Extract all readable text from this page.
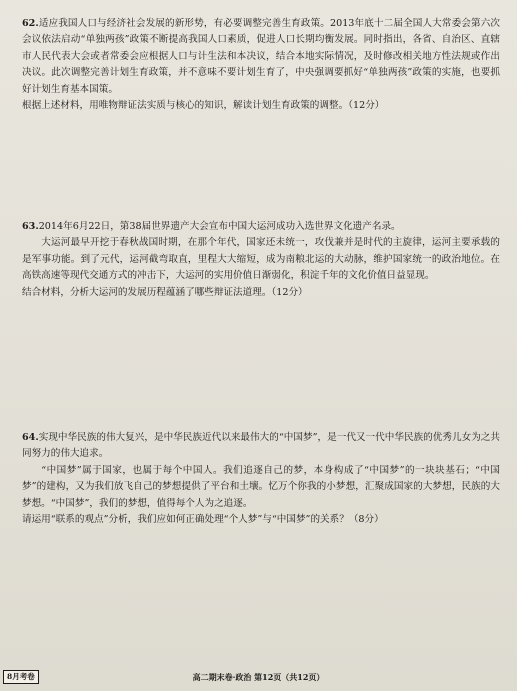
62.适应我国人口与经济社会发展的新形势，有必要调整完善生育政策。2013年底十二届全国人大常委会第六次会议依法启动“单独两孩”政策不断提高我国人口素质，促进人口长期均衡发展。同时指出，各省、自治区、直辖市人民代表大会或者常委会应根据人口与计生法和本决议，结合本地实际情况，及时修改相关地方性法规或作出决议。此次调整完善计划生育政策，并不意味不要计划生育了，中央强调要抓好“单独两孩”政策的实施，也要抓好计划生育基本国策。

根据上述材料，用唯物辩证法实质与核心的知识，解读计划生育政策的调整。（12分）

63.2014年6月22日，第38届世界遗产大会宣布中国大运河成功入选世界文化遗产名录。

大运河最早开挖于春秋战国时期，在那个年代，国家还未统一，攻伐兼并是时代的主旋律，运河主要承载的是军事功能。到了元代，运河截弯取直，里程大大缩短，成为南粮北运的大动脉，维护国家统一的政治地位。在高铁高速等现代交通方式的冲击下，大运河的实用价值日渐弱化，积淀千年的文化价值日益显现。

结合材料，分析大运河的发展历程蕴涵了哪些辩证法道理。（12分）

64.实现中华民族的伟大复兴，是中华民族近代以来最伟大的“中国梦”，是一代又一代中华民族的优秀儿女为之共同努力的伟大追求。

“中国梦”属于国家，也属于每个中国人。我们追逐自己的梦，本身构成了“中国梦”的一块块基石；“中国梦”的建构，又为我们放飞自己的梦想提供了平台和土壤。忆万个你我的小梦想，汇聚成国家的大梦想，民族的大梦想。“中国梦”，我们的梦想，值得每个人为之追逐。

请运用“联系的观点”分析，我们应如何正确处理“个人梦”与“中国梦”的关系？（8分）

8月考卷	高二期末卷·政治 第12页（共12页）
